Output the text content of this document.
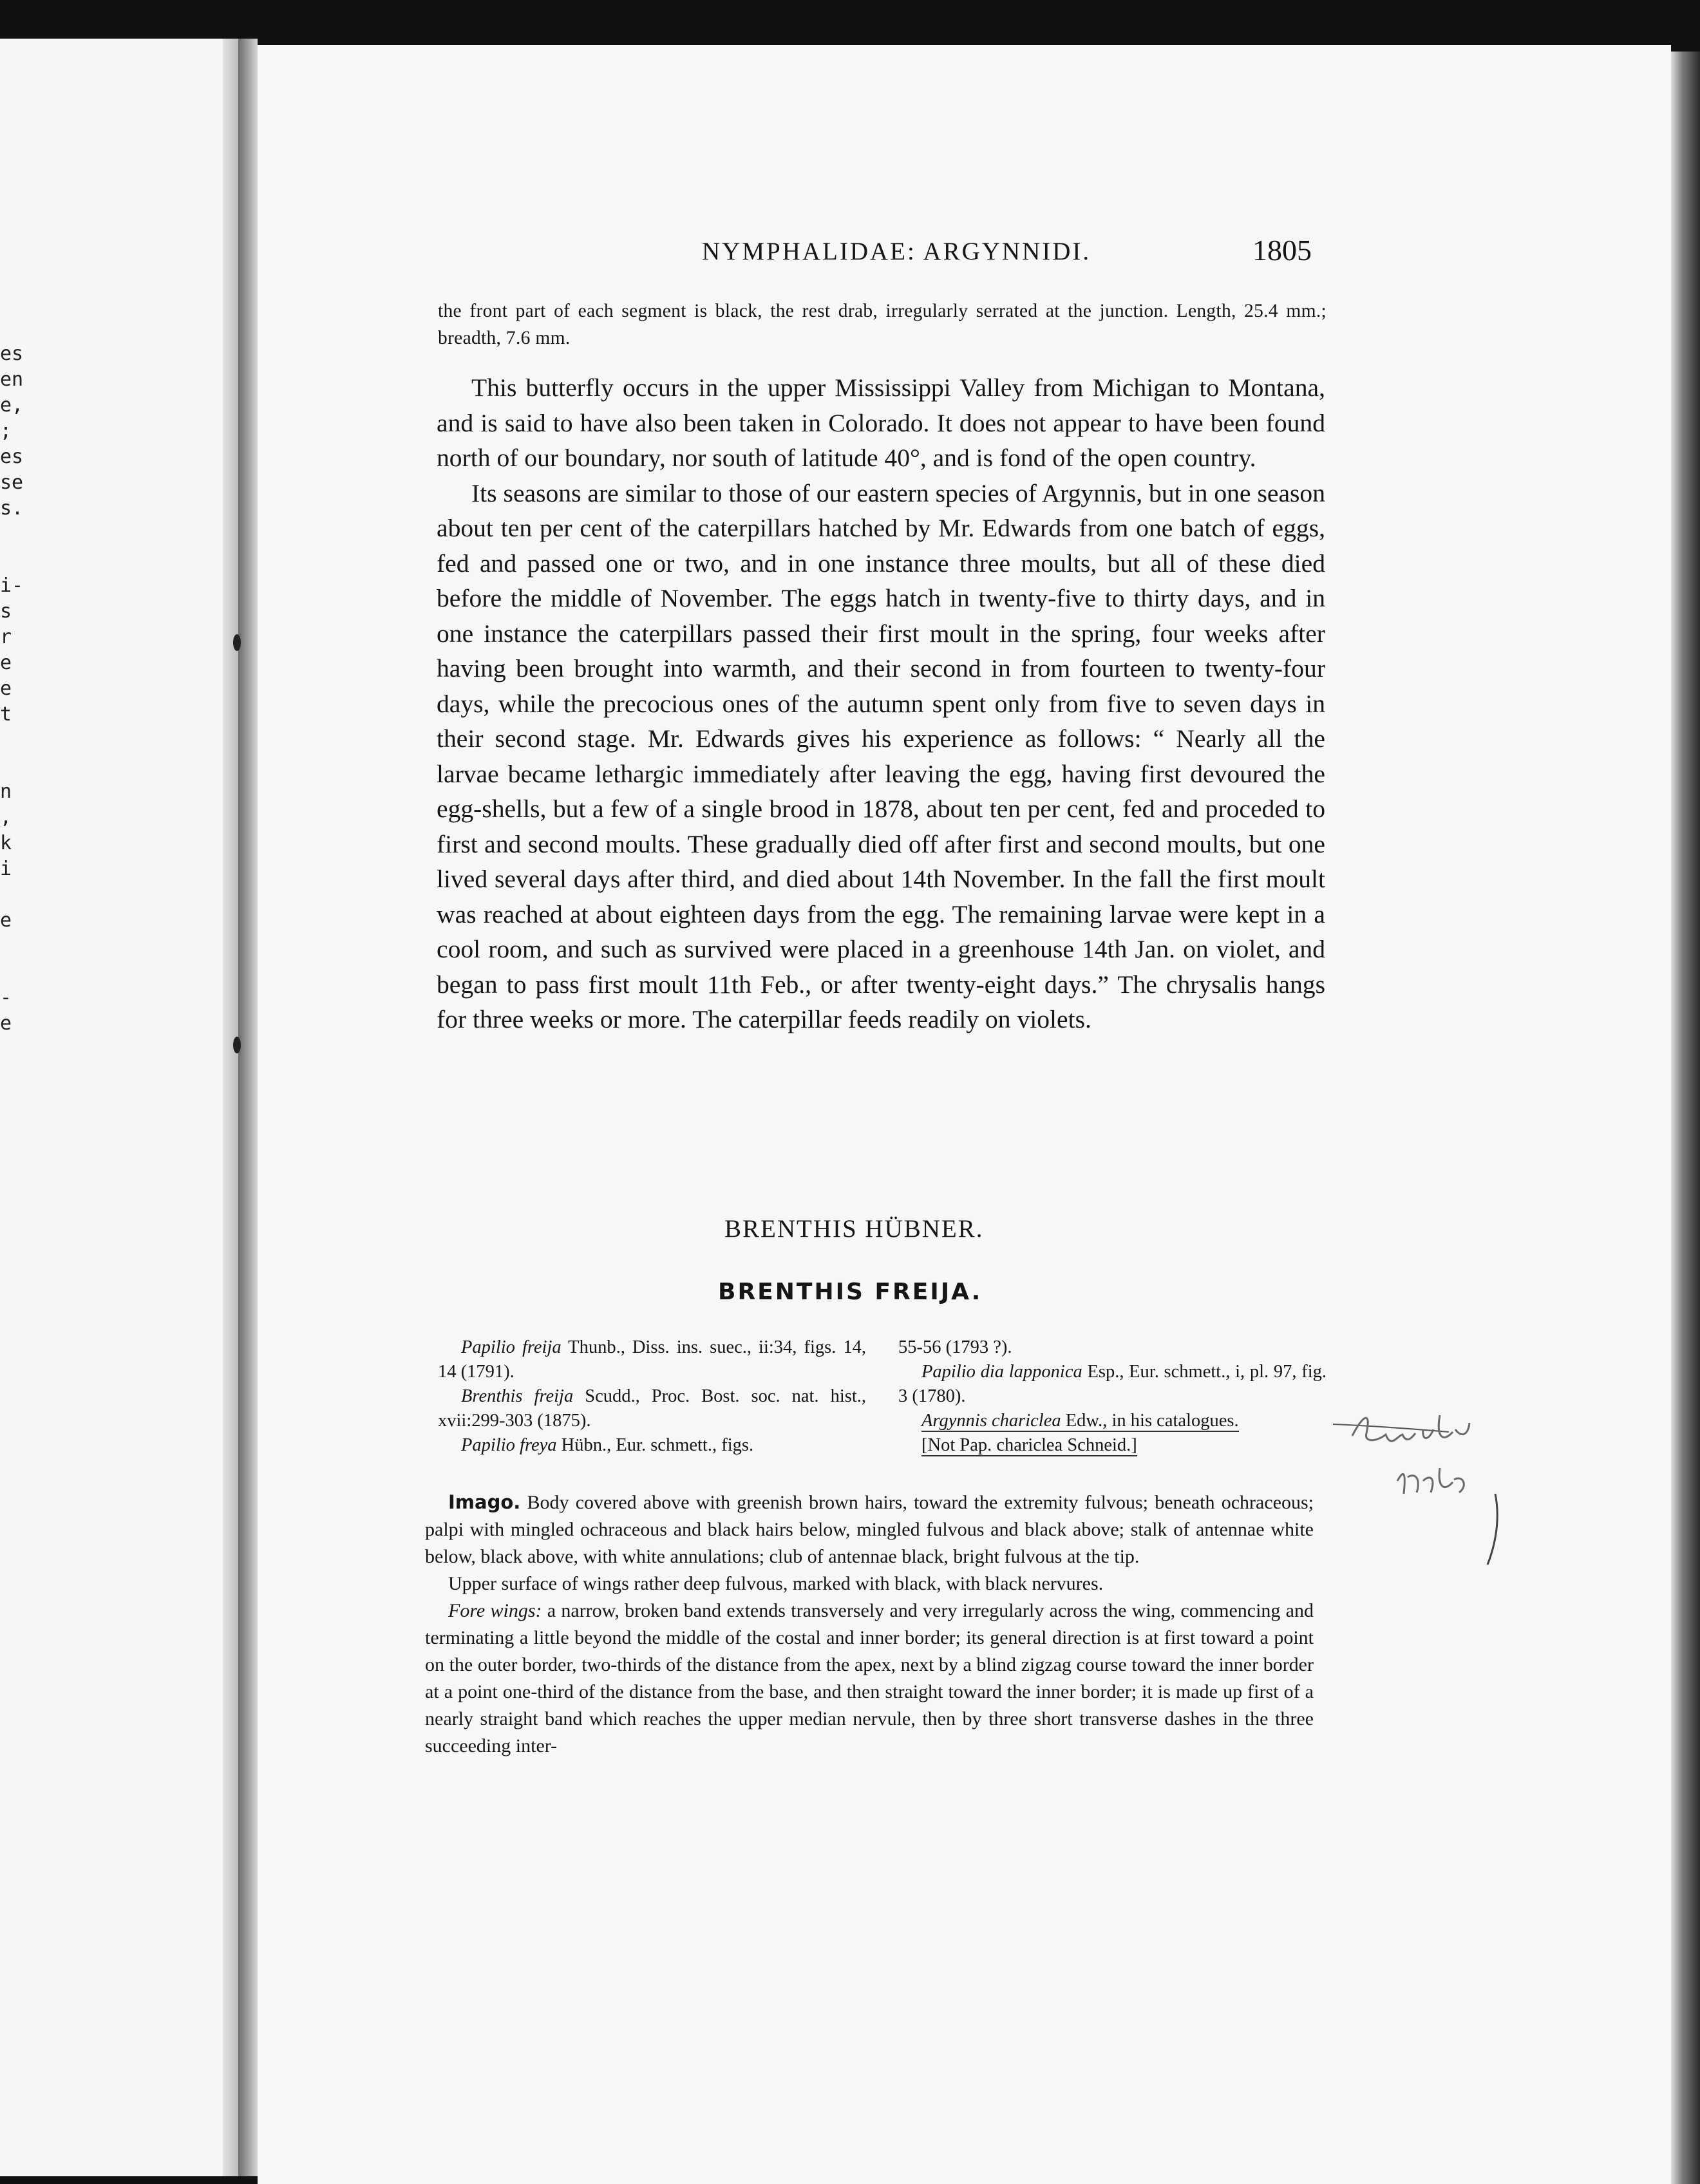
es
en
e,
;
es
se
s.

i-
s
r
e
e
t

n
,
k
i

e

-
e
NYMPHALIDAE: ARGYNNIDI.	1805

the front part of each segment is black, the rest drab, irregularly serrated at the junction. Length, 25.4 mm.; breadth, 7.6 mm.

This butterfly occurs in the upper Mississippi Valley from Michigan to Montana, and is said to have also been taken in Colorado. It does not appear to have been found north of our boundary, nor south of latitude 40°, and is fond of the open country.

Its seasons are similar to those of our eastern species of Argynnis, but in one season about ten per cent of the caterpillars hatched by Mr. Edwards from one batch of eggs, fed and passed one or two, and in one instance three moults, but all of these died before the middle of November. The eggs hatch in twenty-five to thirty days, and in one instance the caterpillars passed their first moult in the spring, four weeks after having been brought into warmth, and their second in from fourteen to twenty-four days, while the precocious ones of the autumn spent only from five to seven days in their second stage. Mr. Edwards gives his experience as follows: “ Nearly all the larvae became lethargic immediately after leaving the egg, having first devoured the egg-shells, but a few of a single brood in 1878, about ten per cent, fed and proceded to first and second moults. These gradually died off after first and second moults, but one lived several days after third, and died about 14th November. In the fall the first moult was reached at about eighteen days from the egg. The remaining larvae were kept in a cool room, and such as survived were placed in a greenhouse 14th Jan. on violet, and began to pass first moult 11th Feb., or after twenty-eight days.” The chrysalis hangs for three weeks or more. The caterpillar feeds readily on violets.

BRENTHIS HÜBNER.
BRENTHIS FREIJA.

Papilio freija Thunb., Diss. ins. suec., ii:34, figs. 14, 14 (1791).

Brenthis freija Scudd., Proc. Bost. soc. nat. hist., xvii:299-303 (1875).

Papilio freya Hübn., Eur. schmett., figs.

55-56 (1793 ?).

Papilio dia lapponica Esp., Eur. schmett., i, pl. 97, fig. 3 (1780).

Argynnis chariclea Edw., in his catalogues.

[Not Pap. chariclea Schneid.]

Imago. Body covered above with greenish brown hairs, toward the extremity fulvous; beneath ochraceous; palpi with mingled ochraceous and black hairs below, mingled fulvous and black above; stalk of antennae white below, black above, with white annulations; club of antennae black, bright fulvous at the tip.

Upper surface of wings rather deep fulvous, marked with black, with black nervures.

Fore wings: a narrow, broken band extends transversely and very irregularly across the wing, commencing and terminating a little beyond the middle of the costal and inner border; its general direction is at first toward a point on the outer border, two-thirds of the distance from the apex, next by a blind zigzag course toward the inner border at a point one-third of the distance from the base, and then straight toward the inner border; it is made up first of a nearly straight band which reaches the upper median nervule, then by three short transverse dashes in the three succeeding inter-
